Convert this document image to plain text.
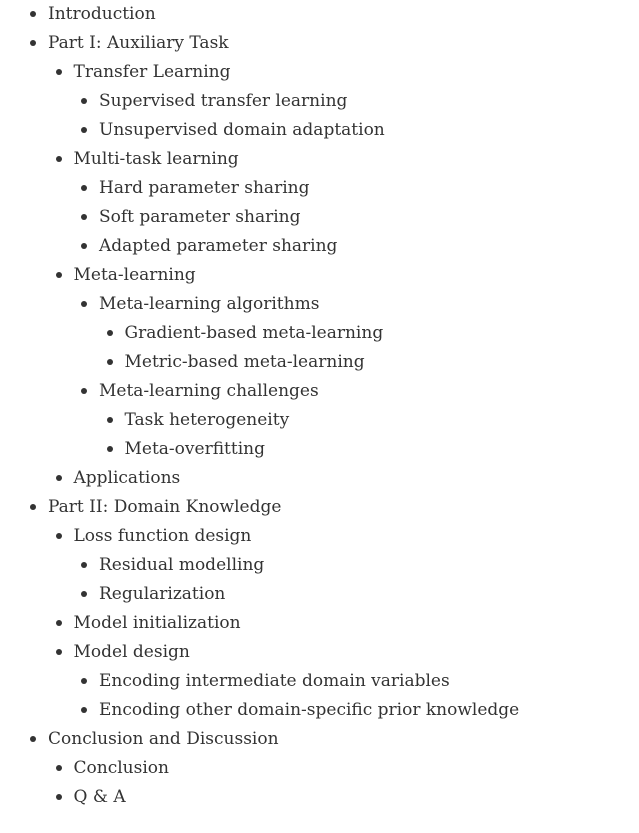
Introduction
Part I: Auxiliary Task
Transfer Learning
Supervised transfer learning
Unsupervised domain adaptation
Multi-task learning
Hard parameter sharing
Soft parameter sharing
Adapted parameter sharing
Meta-learning
Meta-learning algorithms
Gradient-based meta-learning
Metric-based meta-learning
Meta-learning challenges
Task heterogeneity
Meta-overfitting
Applications
Part II: Domain Knowledge
Loss function design
Residual modelling
Regularization
Model initialization
Model design
Encoding intermediate domain variables
Encoding other domain-specific prior knowledge
Conclusion and Discussion
Conclusion
Q & A
